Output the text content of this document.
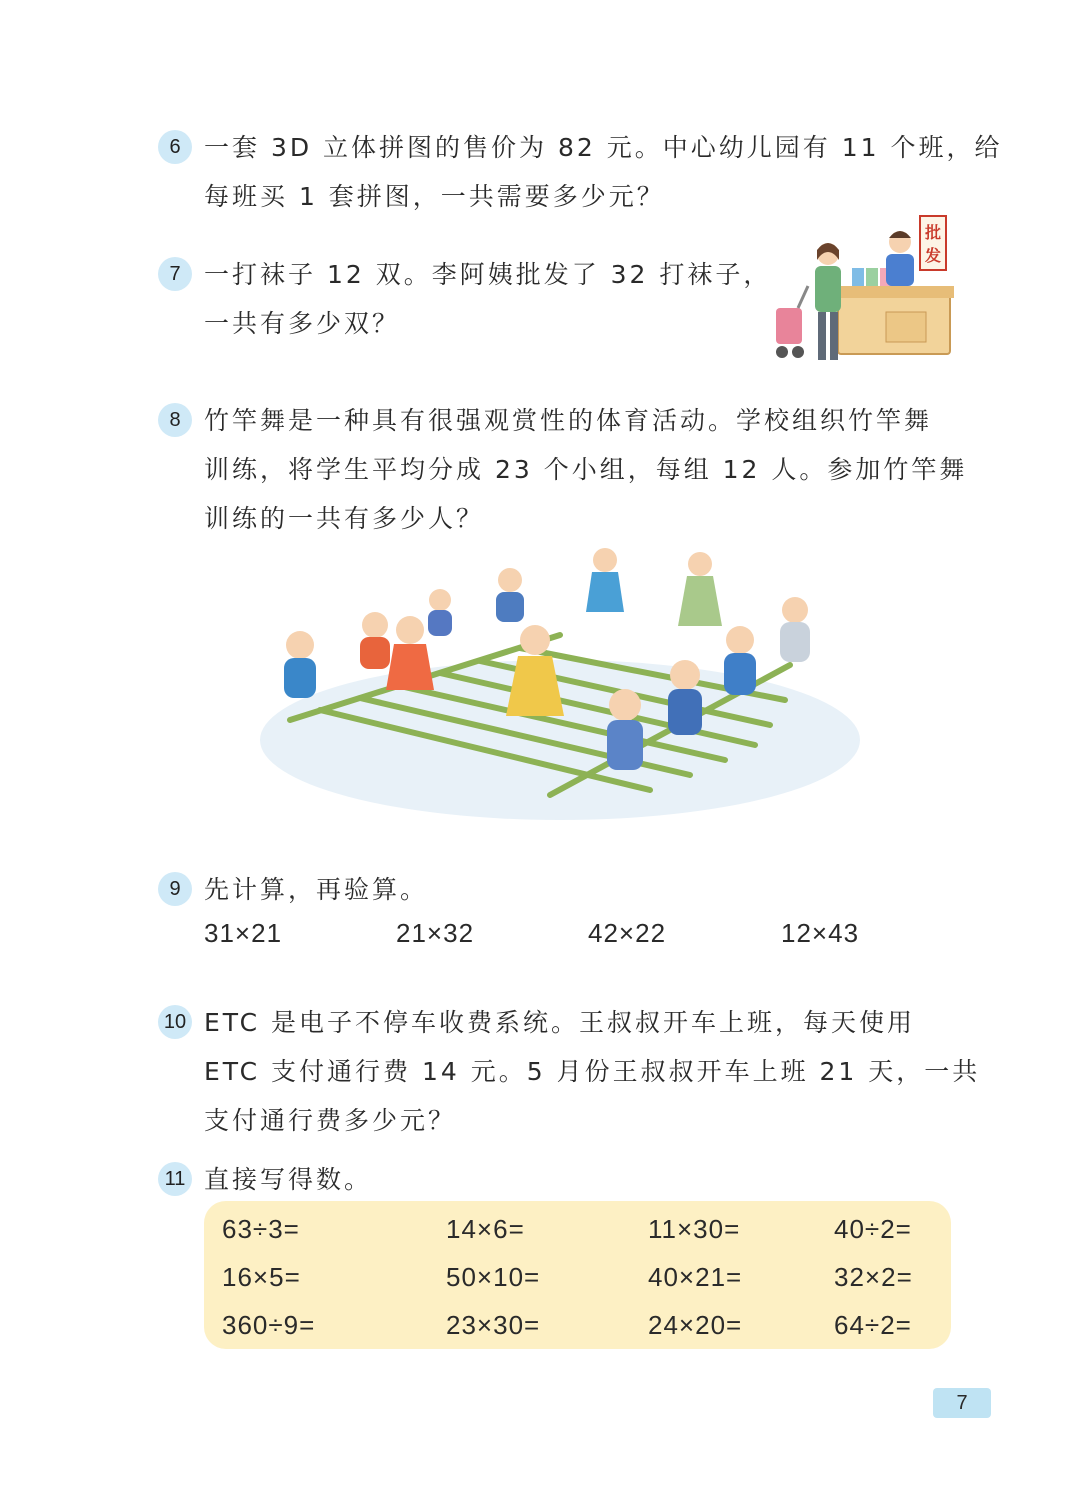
6 一套 3D 立体拼图的售价为 82 元。中心幼儿园有 11 个班，给
每班买 1 套拼图，一共需要多少元？
7 一打袜子 12 双。李阿姨批发了 32 打袜子，
一共有多少双？
批
发
8 竹竿舞是一种具有很强观赏性的体育活动。学校组织竹竿舞
训练，将学生平均分成 23 个小组，每组 12 人。参加竹竿舞
训练的一共有多少人？
9 先计算，再验算。
31×21	21×32	42×22	12×43
10 ETC 是电子不停车收费系统。王叔叔开车上班，每天使用
ETC 支付通行费 14 元。5 月份王叔叔开车上班 21 天，一共
支付通行费多少元？
11 直接写得数。
63÷3=	14×6=	11×30=	40÷2=
16×5=	50×10=	40×21=	32×2=
360÷9=	23×30=	24×20=	64÷2=
7
